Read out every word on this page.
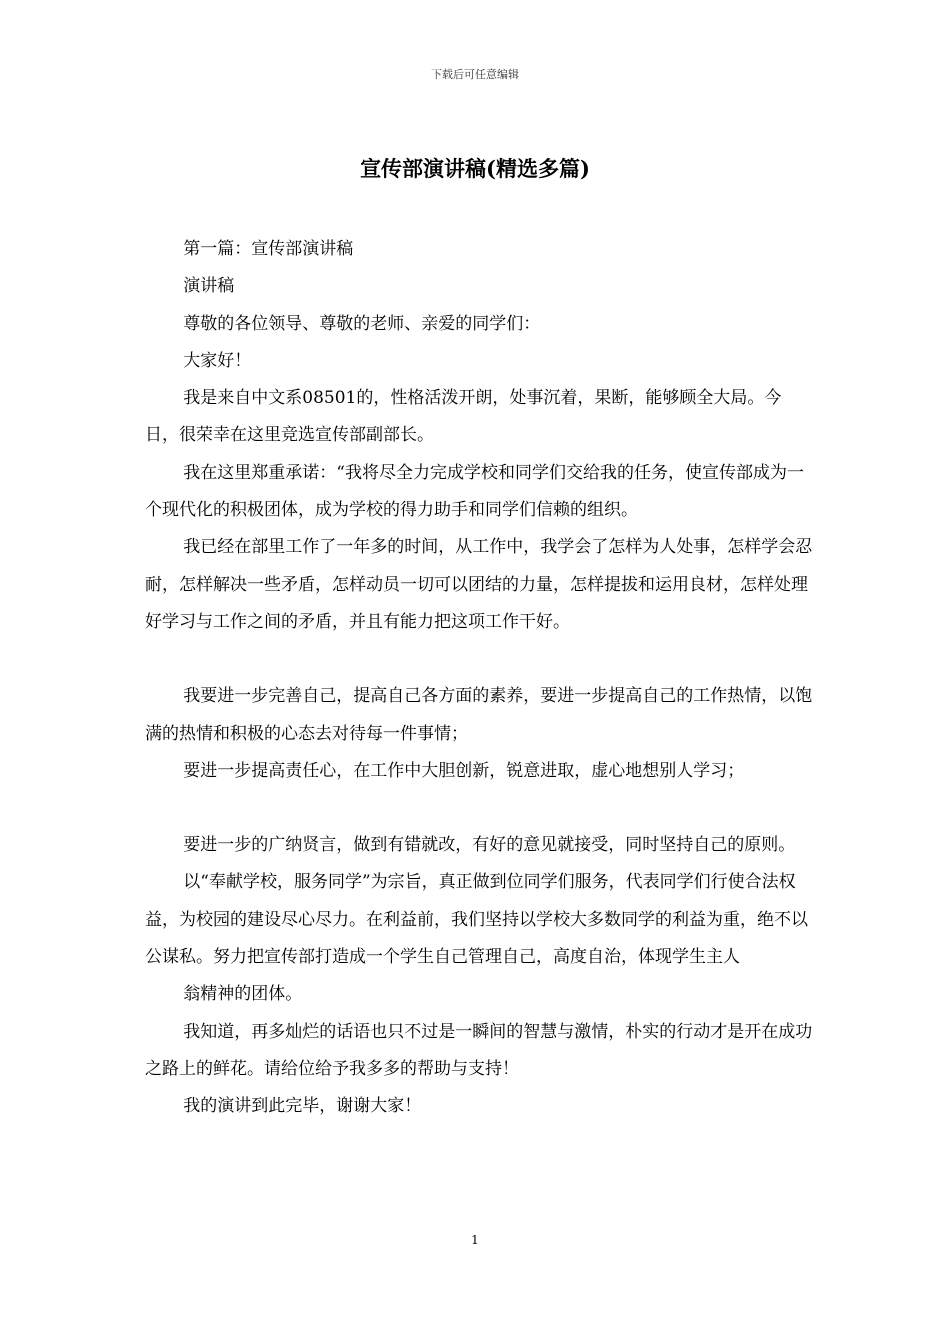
下载后可任意编辑
宣传部演讲稿(精选多篇)

第一篇：宣传部演讲稿

演讲稿

尊敬的各位领导、尊敬的老师、亲爱的同学们：

大家好！

我是来自中文系08501的，性格活泼开朗，处事沉着，果断，能够顾全大局。今日，很荣幸在这里竞选宣传部副部长。

我在这里郑重承诺：“我将尽全力完成学校和同学们交给我的任务，使宣传部成为一个现代化的积极团体，成为学校的得力助手和同学们信赖的组织。

我已经在部里工作了一年多的时间，从工作中，我学会了怎样为人处事，怎样学会忍耐，怎样解决一些矛盾，怎样动员一切可以团结的力量，怎样提拔和运用良材，怎样处理好学习与工作之间的矛盾，并且有能力把这项工作干好。

我要进一步完善自己，提高自己各方面的素养，要进一步提高自己的工作热情，以饱满的热情和积极的心态去对待每一件事情；

要进一步提高责任心，在工作中大胆创新，锐意进取，虚心地想别人学习；

要进一步的广纳贤言，做到有错就改，有好的意见就接受，同时坚持自己的原则。

以“奉献学校，服务同学”为宗旨，真正做到位同学们服务，代表同学们行使合法权益，为校园的建设尽心尽力。在利益前，我们坚持以学校大多数同学的利益为重，绝不以公谋私。努力把宣传部打造成一个学生自己管理自己，高度自治，体现学生主人

翁精神的团体。

我知道，再多灿烂的话语也只不过是一瞬间的智慧与激情，朴实的行动才是开在成功之路上的鲜花。请给位给予我多多的帮助与支持！

我的演讲到此完毕，谢谢大家！

1
